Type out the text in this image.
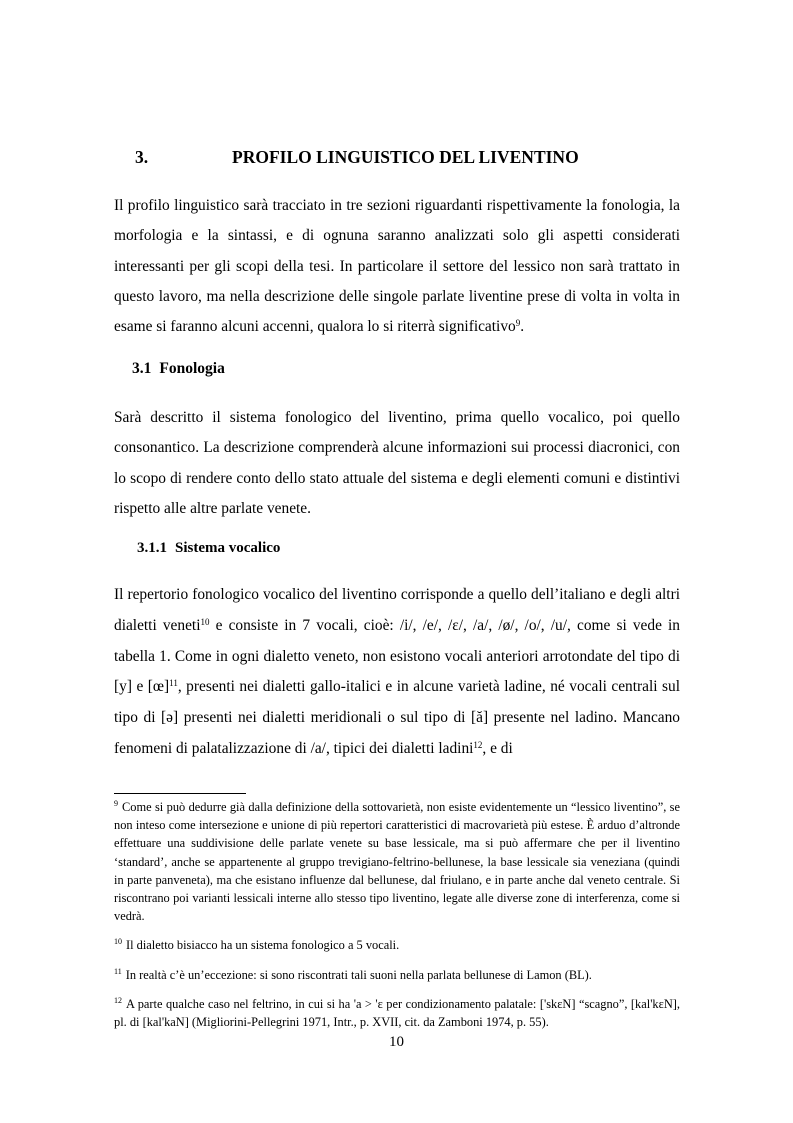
3.	PROFILO LINGUISTICO DEL LIVENTINO

Il profilo linguistico sarà tracciato in tre sezioni riguardanti rispettivamente la fonologia, la morfologia e la sintassi, e di ognuna saranno analizzati solo gli aspetti considerati interessanti per gli scopi della tesi. In particolare il settore del lessico non sarà trattato in questo lavoro, ma nella descrizione delle singole parlate liventine prese di volta in volta in esame si faranno alcuni accenni, qualora lo si riterrà significativo$^9$.

3.1 Fonologia

Sarà descritto il sistema fonologico del liventino, prima quello vocalico, poi quello consonantico. La descrizione comprenderà alcune informazioni sui processi diacronici, con lo scopo di rendere conto dello stato attuale del sistema e degli elementi comuni e distintivi rispetto alle altre parlate venete.

3.1.1 Sistema vocalico

Il repertorio fonologico vocalico del liventino corrisponde a quello dell’italiano e degli altri dialetti veneti$^{10}$ e consiste in 7 vocali, cioè: /i/, /e/, /ɛ/, /a/, /ø/, /o/, /u/, come si vede in tabella 1. Come in ogni dialetto veneto, non esistono vocali anteriori arrotondate del tipo di [y] e [œ]$^{11}$, presenti nei dialetti gallo-italici e in alcune varietà ladine, né vocali centrali sul tipo di [ə] presenti nei dialetti meridionali o sul tipo di [ă] presente nel ladino. Mancano fenomeni di palatalizzazione di /a/, tipici dei dialetti ladini$^{12}$, e di

$^9$ Come si può dedurre già dalla definizione della sottovarietà, non esiste evidentemente un “lessico liventino”, se non inteso come intersezione e unione di più repertori caratteristici di macrovarietà più estese. È arduo d’altronde effettuare una suddivisione delle parlate venete su base lessicale, ma si può affermare che per il liventino ‘standard’, anche se appartenente al gruppo trevigiano-feltrino-bellunese, la base lessicale sia veneziana (quindi in parte panveneta), ma che esistano influenze dal bellunese, dal friulano, e in parte anche dal veneto centrale. Si riscontrano poi varianti lessicali interne allo stesso tipo liventino, legate alle diverse zone di interferenza, come si vedrà.

$^{10}$ Il dialetto bisiacco ha un sistema fonologico a 5 vocali.

$^{11}$ In realtà c’è un’eccezione: si sono riscontrati tali suoni nella parlata bellunese di Lamon (BL).

$^{12}$ A parte qualche caso nel feltrino, in cui si ha 'a > 'ɛ per condizionamento palatale: ['skɛN] “scagno”, [kal'kɛN], pl. di [kal'kaN] (Migliorini-Pellegrini 1971, Intr., p. XVII, cit. da Zamboni 1974, p. 55).

10
